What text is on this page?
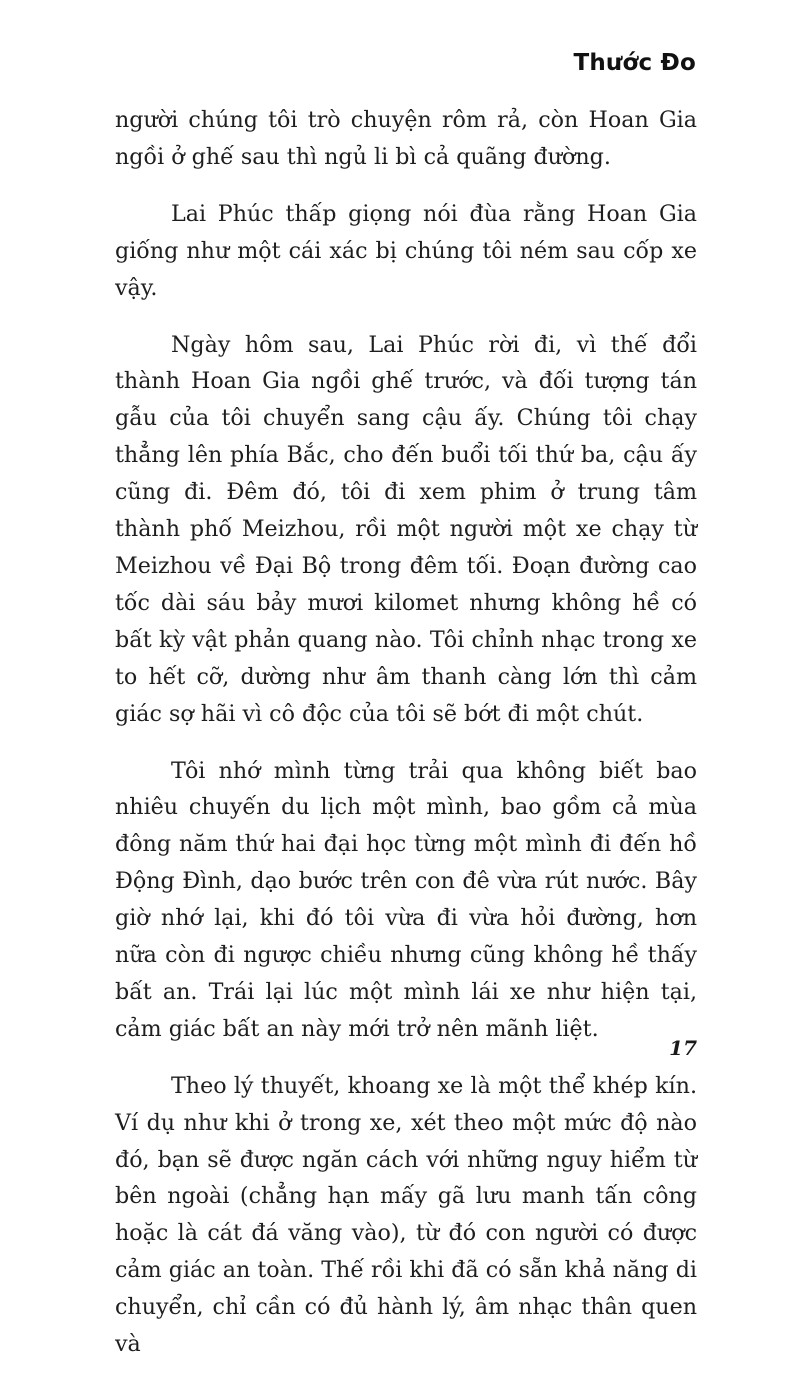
Thước Đo

người chúng tôi trò chuyện rôm rả, còn Hoan Gia ngồi ở ghế sau thì ngủ li bì cả quãng đường.

Lai Phúc thấp giọng nói đùa rằng Hoan Gia giống như một cái xác bị chúng tôi ném sau cốp xe vậy.

Ngày hôm sau, Lai Phúc rời đi, vì thế đổi thành Hoan Gia ngồi ghế trước, và đối tượng tán gẫu của tôi chuyển sang cậu ấy. Chúng tôi chạy thẳng lên phía Bắc, cho đến buổi tối thứ ba, cậu ấy cũng đi. Đêm đó, tôi đi xem phim ở trung tâm thành phố Meizhou, rồi một người một xe chạy từ Meizhou về Đại Bộ trong đêm tối. Đoạn đường cao tốc dài sáu bảy mươi kilomet nhưng không hề có bất kỳ vật phản quang nào. Tôi chỉnh nhạc trong xe to hết cỡ, dường như âm thanh càng lớn thì cảm giác sợ hãi vì cô độc của tôi sẽ bớt đi một chút.

Tôi nhớ mình từng trải qua không biết bao nhiêu chuyến du lịch một mình, bao gồm cả mùa đông năm thứ hai đại học từng một mình đi đến hồ Động Đình, dạo bước trên con đê vừa rút nước. Bây giờ nhớ lại, khi đó tôi vừa đi vừa hỏi đường, hơn nữa còn đi ngược chiều nhưng cũng không hề thấy bất an. Trái lại lúc một mình lái xe như hiện tại, cảm giác bất an này mới trở nên mãnh liệt.

Theo lý thuyết, khoang xe là một thể khép kín. Ví dụ như khi ở trong xe, xét theo một mức độ nào đó, bạn sẽ được ngăn cách với những nguy hiểm từ bên ngoài (chẳng hạn mấy gã lưu manh tấn công hoặc là cát đá văng vào), từ đó con người có được cảm giác an toàn. Thế rồi khi đã có sẵn khả năng di chuyển, chỉ cần có đủ hành lý, âm nhạc thân quen và

17
